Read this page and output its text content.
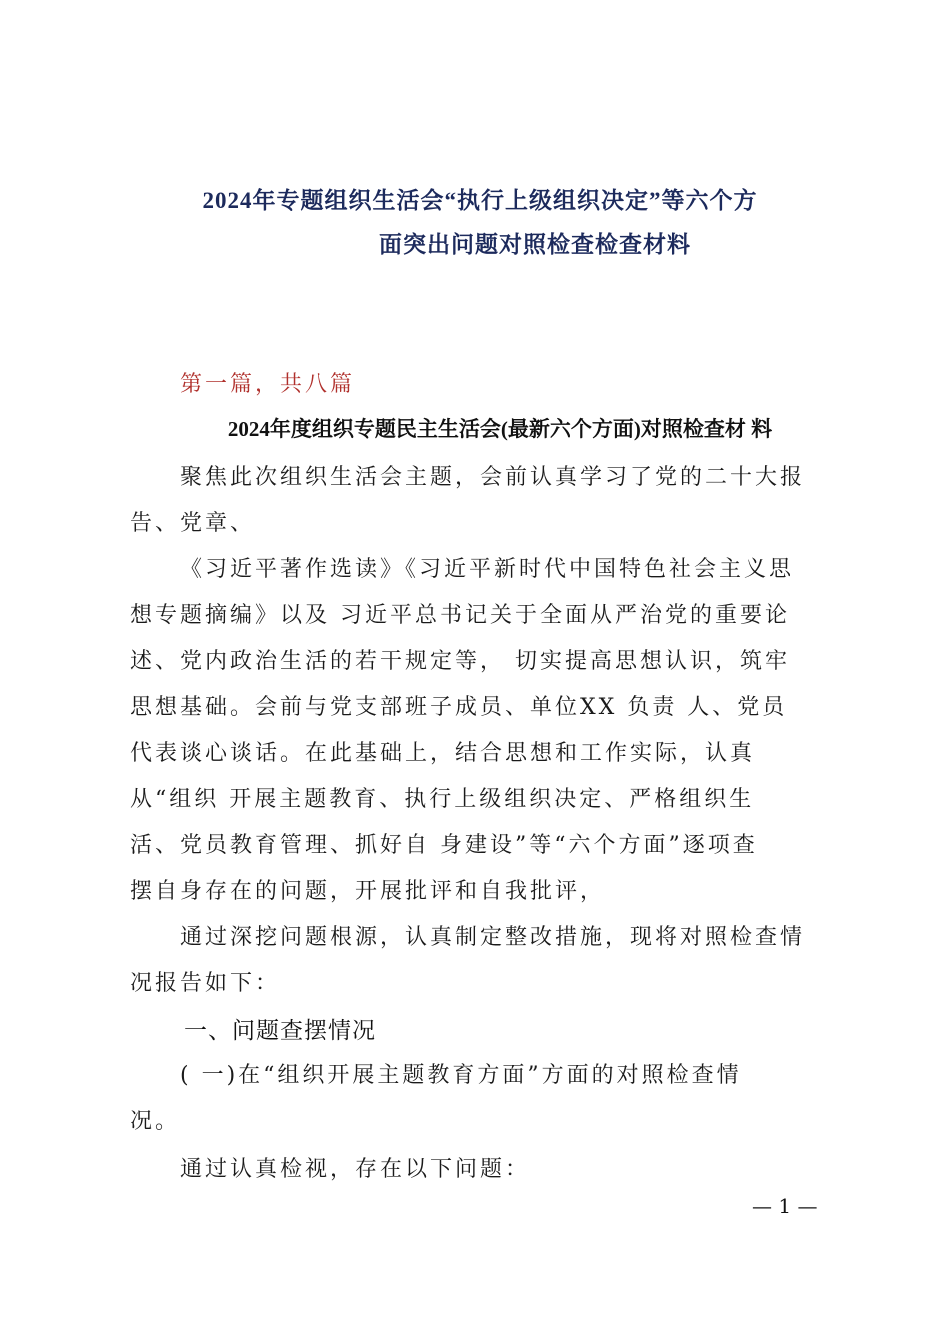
2024年专题组织生活会“执行上级组织决定”等六个方
面突出问题对照检查检查材料
第一篇，共八篇
2024年度组织专题民主生活会(最新六个方面)对照检查材 料
聚焦此次组织生活会主题，会前认真学习了党的二十大报
告、党章、
《习近平著作选读》《习近平新时代中国特色社会主义思
想专题摘编》以及 习近平总书记关于全面从严治党的重要论
述、党内政治生活的若干规定等， 切实提高思想认识，筑牢
思想基础。会前与党支部班子成员、单位XX 负责 人、党员
代表谈心谈话。在此基础上，结合思想和工作实际，认真
从“组织 开展主题教育、执行上级组织决定、严格组织生
活、党员教育管理、抓好自 身建设”等“六个方面”逐项查
摆自身存在的问题，开展批评和自我批评，
通过深挖问题根源，认真制定整改措施，现将对照检查情
况报告如下：
一、问题查摆情况
( 一)在“组织开展主题教育方面”方面的对照检查情
况。
通过认真检视，存在以下问题：
— 1 —
